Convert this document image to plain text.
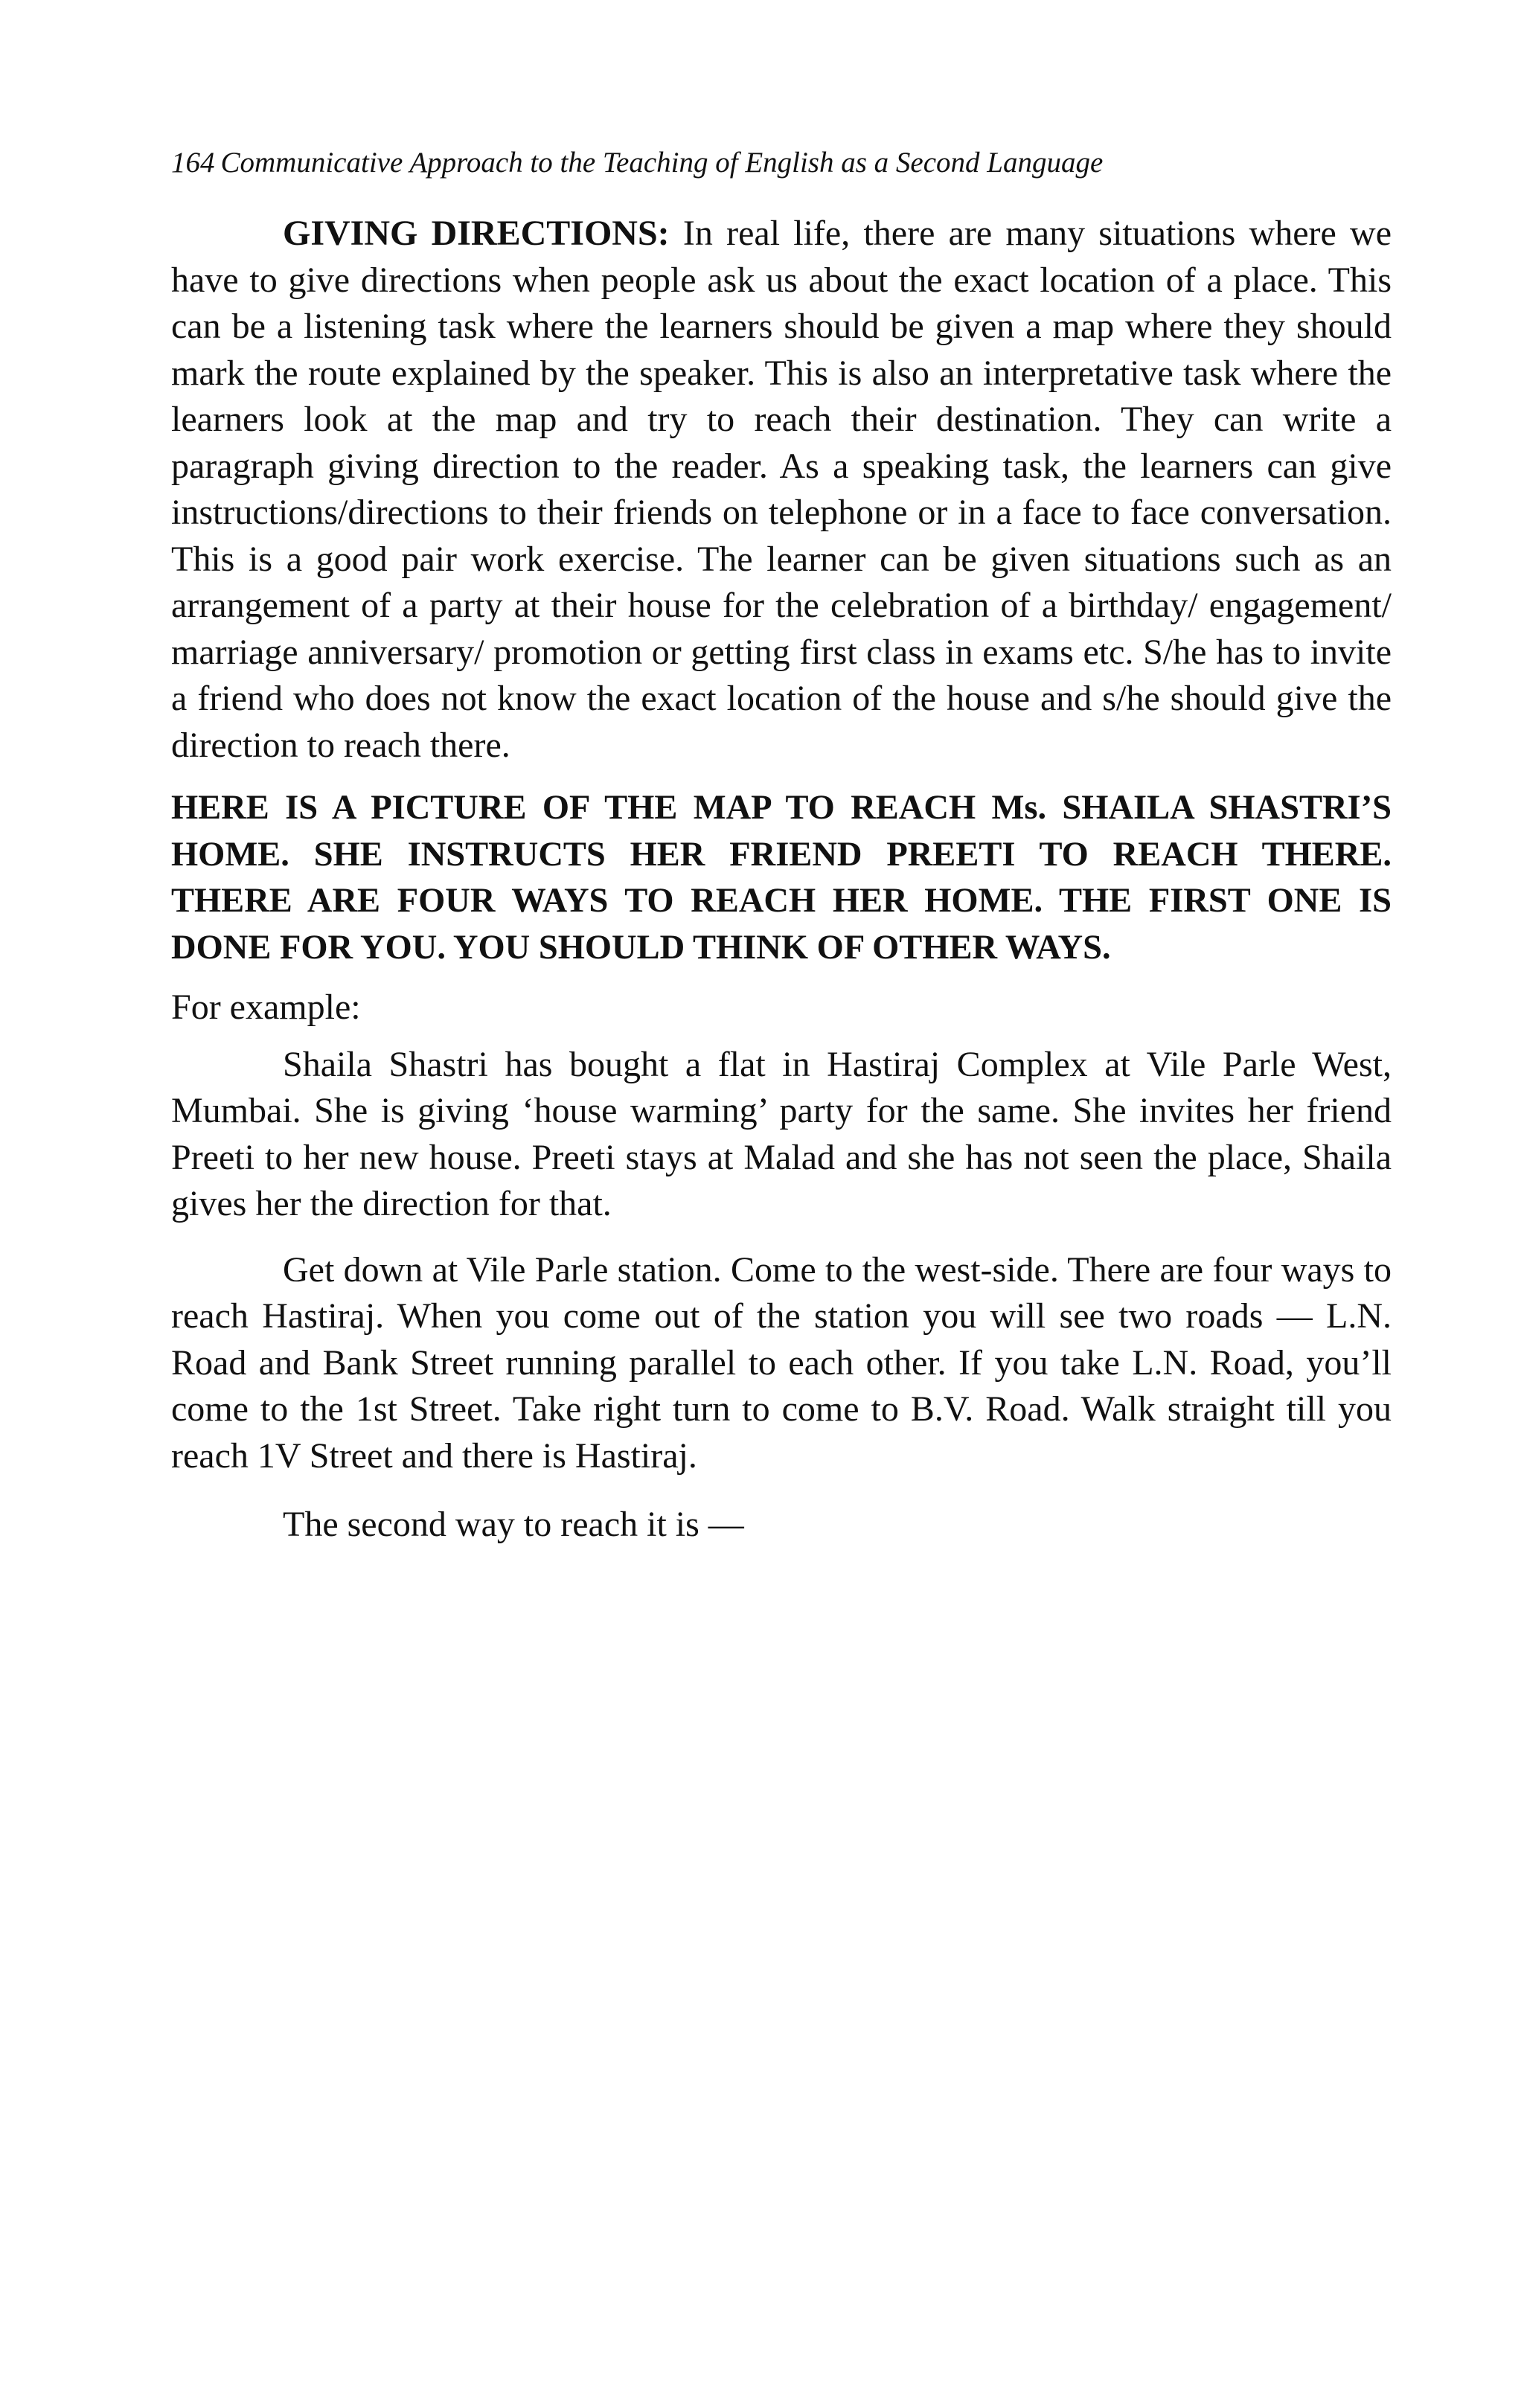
164 Communicative Approach to the Teaching of English as a Second Language

GIVING DIRECTIONS: In real life, there are many situations where we have to give directions when people ask us about the exact location of a place. This can be a listening task where the learners should be given a map where they should mark the route explained by the speaker. This is also an interpretative task where the learners look at the map and try to reach their destination. They can write a paragraph giving direction to the reader. As a speaking task, the learners can give instructions/directions to their friends on telephone or in a face to face conversation. This is a good pair work exercise. The learner can be given situations such as an arrangement of a party at their house for the celebration of a birthday/ engagement/ marriage anniversary/ promotion or getting first class in exams etc. S/he has to invite a friend who does not know the exact location of the house and s/he should give the direction to reach there.

HERE IS A PICTURE OF THE MAP TO REACH Ms. SHAILA SHASTRI’S HOME. SHE INSTRUCTS HER FRIEND PREETI TO REACH THERE. THERE ARE FOUR WAYS TO REACH HER HOME. THE FIRST ONE IS DONE FOR YOU. YOU SHOULD THINK OF OTHER WAYS.

For example:

Shaila Shastri has bought a flat in Hastiraj Complex at Vile Parle West, Mumbai. She is giving ‘house warming’ party for the same. She invites her friend Preeti to her new house. Preeti stays at Malad and she has not seen the place, Shaila gives her the direction for that.

Get down at Vile Parle station. Come to the west-side. There are four ways to reach Hastiraj. When you come out of the station you will see two roads — L.N. Road and Bank Street running parallel to each other. If you take L.N. Road, you’ll come to the 1st Street. Take right turn to come to B.V. Road. Walk straight till you reach 1V Street and there is Hastiraj.

The second way to reach it is —
